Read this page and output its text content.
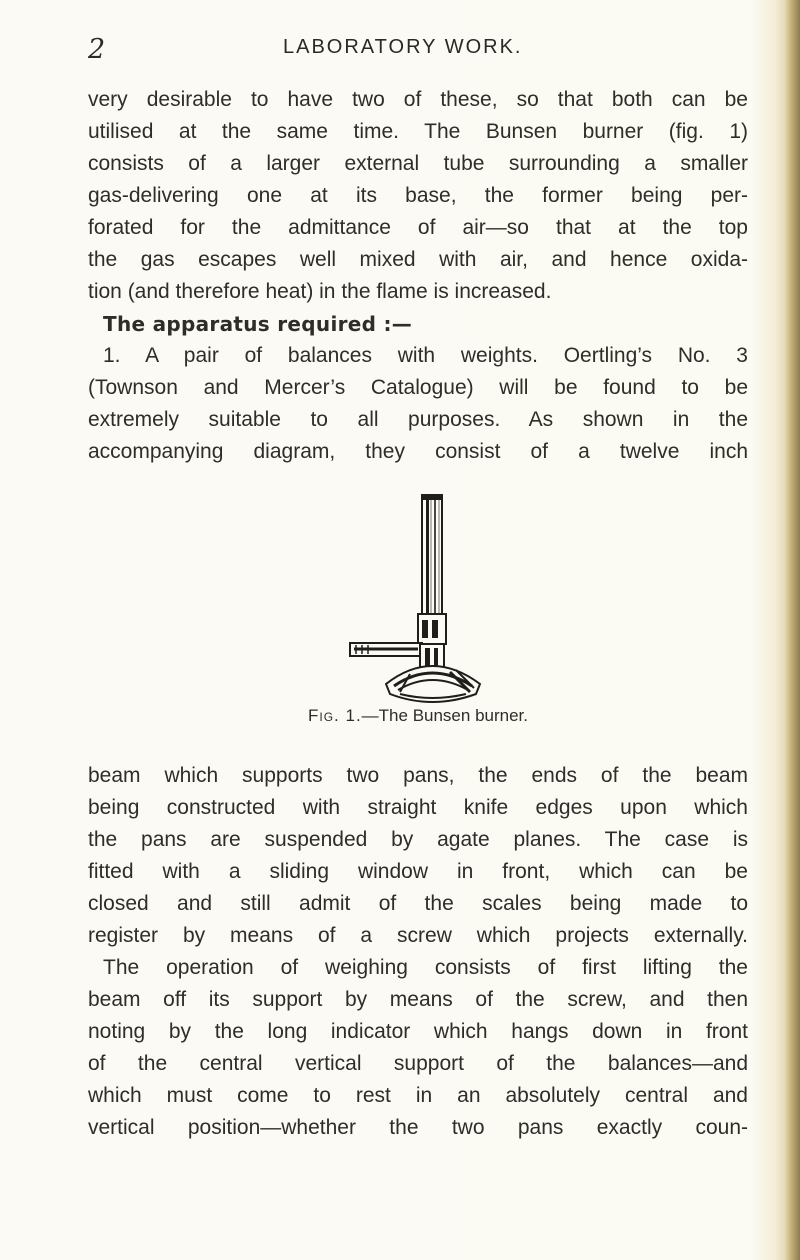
2	LABORATORY WORK.
very desirable to have two of these, so that both can be
utilised at the same time. The Bunsen burner (fig. 1)
consists of a larger external tube surrounding a smaller
gas-delivering one at its base, the former being per-
forated for the admittance of air—so that at the top
the gas escapes well mixed with air, and hence oxida-
tion (and therefore heat) in the flame is increased.
The apparatus required :—
1. A pair of balances with weights. Oertling’s No. 3
(Townson and Mercer’s Catalogue) will be found to be
extremely suitable to all purposes. As shown in the
accompanying diagram, they consist of a twelve inch
Fig. 1.—The Bunsen burner.
beam which supports two pans, the ends of the beam
being constructed with straight knife edges upon which
the pans are suspended by agate planes. The case is
fitted with a sliding window in front, which can be
closed and still admit of the scales being made to
register by means of a screw which projects externally.
The operation of weighing consists of first lifting the
beam off its support by means of the screw, and then
noting by the long indicator which hangs down in front
of the central vertical support of the balances—and
which must come to rest in an absolutely central and
vertical position—whether the two pans exactly coun-
